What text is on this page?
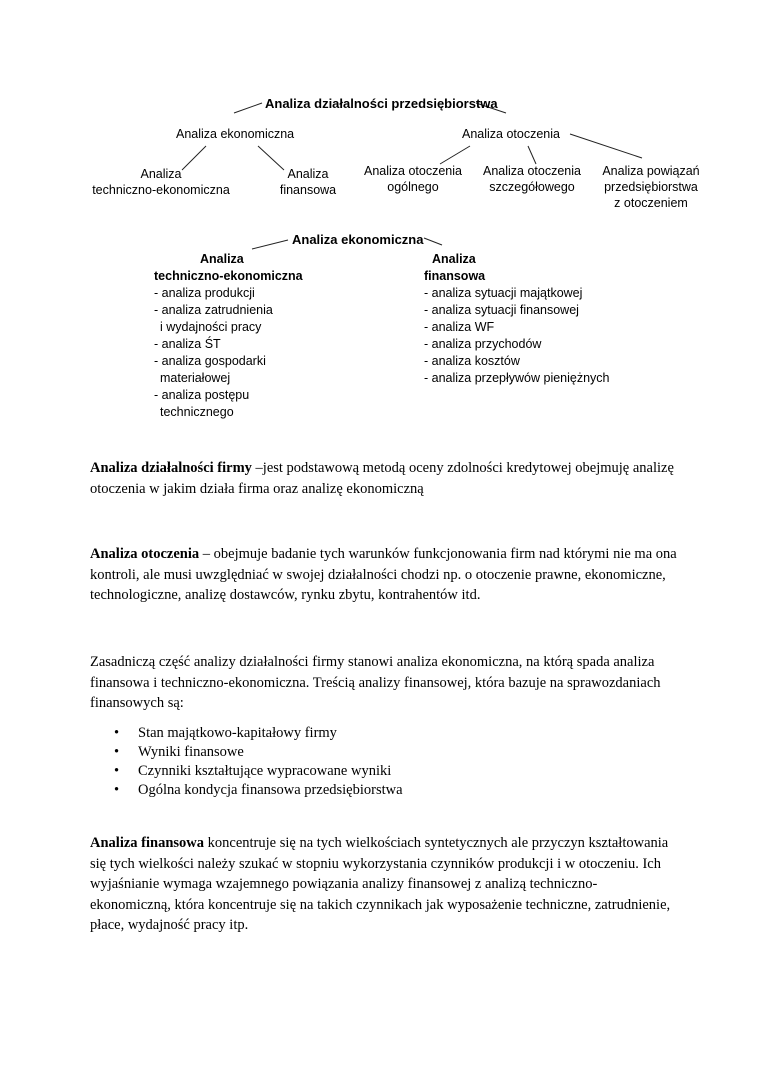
Analiza działalności przedsiębiorstwa
Analiza ekonomiczna	Analiza otoczenia
Analiza
techniczno-ekonomiczna
Analiza
finansowa
Analiza otoczenia
ogólnego
Analiza otoczenia
szczegółowego
Analiza powiązań
przedsiębiorstwa
z otoczeniem
Analiza ekonomiczna
Analiza
techniczno-ekonomiczna
- analiza produkcji
- analiza zatrudnienia
i wydajności pracy
- analiza ŚT
- analiza gospodarki
materiałowej
- analiza postępu
technicznego
Analiza
finansowa
- analiza sytuacji majątkowej
- analiza sytuacji finansowej
- analiza WF
- analiza przychodów
- analiza kosztów
- analiza przepływów pieniężnych

Analiza działalności firmy –jest podstawową metodą oceny zdolności kredytowej obejmuję analizę otoczenia w jakim działa firma oraz analizę ekonomiczną

Analiza otoczenia – obejmuje badanie tych warunków funkcjonowania firm nad którymi nie ma ona kontroli, ale musi uwzględniać w swojej działalności chodzi np. o otoczenie prawne, ekonomiczne, technologiczne, analizę dostawców, rynku zbytu, kontrahentów itd.

Zasadniczą część analizy działalności firmy stanowi analiza ekonomiczna, na którą spada analiza finansowa i techniczno-ekonomiczna. Treścią analizy finansowej, która bazuje na sprawozdaniach finansowych są:

• Stan majątkowo-kapitałowy firmy
• Wyniki finansowe
• Czynniki kształtujące wypracowane wyniki
• Ogólna kondycja finansowa przedsiębiorstwa

Analiza finansowa koncentruje się na tych wielkościach syntetycznych ale przyczyn kształtowania się tych wielkości należy szukać w stopniu wykorzystania czynników produkcji i w otoczeniu. Ich wyjaśnianie wymaga wzajemnego powiązania analizy finansowej z analizą techniczno- ekonomiczną, która koncentruje się na takich czynnikach jak wyposażenie techniczne, zatrudnienie, płace, wydajność pracy itp.
